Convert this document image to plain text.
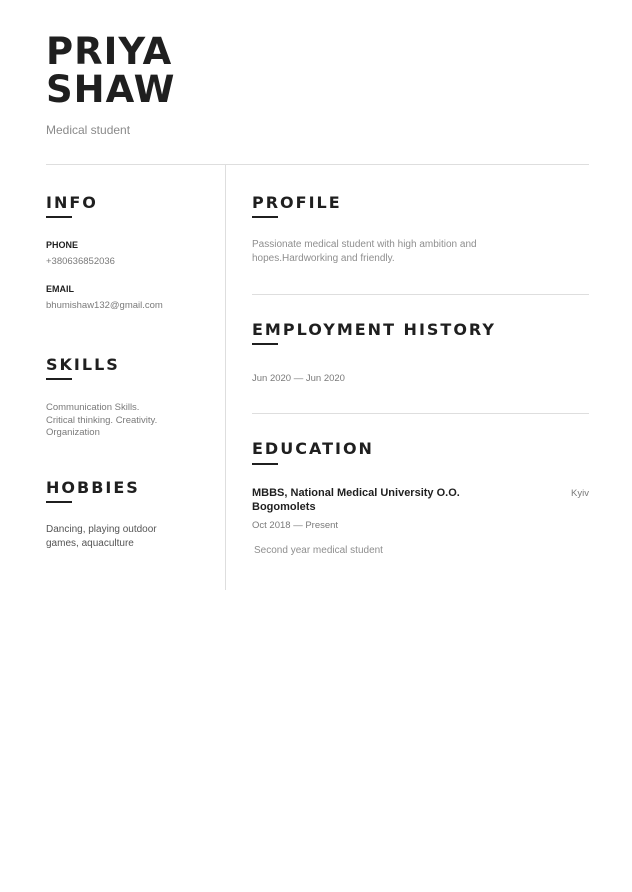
PRIYA
SHAW
Medical student
INFO
PHONE
+380636852036
EMAIL
bhumishaw132@gmail.com
SKILLS
Communication Skills.
Critical thinking. Creativity.
Organization
HOBBIES
Dancing, playing outdoor
games, aquaculture
PROFILE
Passionate medical student with high ambition and
hopes.Hardworking and friendly.
EMPLOYMENT HISTORY
Jun 2020 — Jun 2020
EDUCATION
MBBS, National Medical University O.O.
Bogomolets
Kyiv
Oct 2018 — Present
Second year medical student
